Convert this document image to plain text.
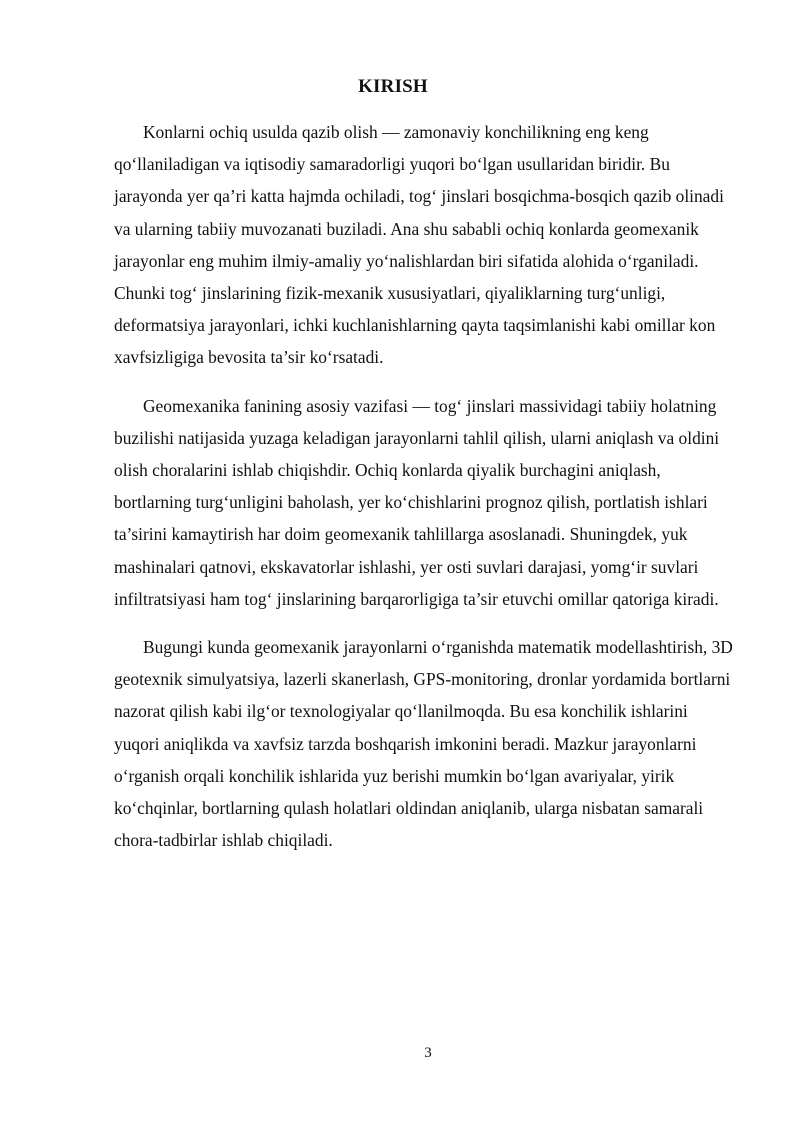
KIRISH

Konlarni ochiq usulda qazib olish — zamonaviy konchilikning eng keng qo‘llaniladigan va iqtisodiy samaradorligi yuqori bo‘lgan usullaridan biridir. Bu jarayonda yer qa’ri katta hajmda ochiladi, tog‘ jinslari bosqichma-bosqich qazib olinadi va ularning tabiiy muvozanati buziladi. Ana shu sababli ochiq konlarda geomexanik jarayonlar eng muhim ilmiy-amaliy yo‘nalishlardan biri sifatida alohida o‘rganiladi. Chunki tog‘ jinslarining fizik-mexanik xususiyatlari, qiyaliklarning turg‘unligi, deformatsiya jarayonlari, ichki kuchlanishlarning qayta taqsimlanishi kabi omillar kon xavfsizligiga bevosita ta’sir ko‘rsatadi.

Geomexanika fanining asosiy vazifasi — tog‘ jinslari massividagi tabiiy holatning buzilishi natijasida yuzaga keladigan jarayonlarni tahlil qilish, ularni aniqlash va oldini olish choralarini ishlab chiqishdir. Ochiq konlarda qiyalik burchagini aniqlash, bortlarning turg‘unligini baholash, yer ko‘chishlarini prognoz qilish, portlatish ishlari ta’sirini kamaytirish har doim geomexanik tahlillarga asoslanadi. Shuningdek, yuk mashinalari qatnovi, ekskavatorlar ishlashi, yer osti suvlari darajasi, yomg‘ir suvlari infiltratsiyasi ham tog‘ jinslarining barqarorligiga ta’sir etuvchi omillar qatoriga kiradi.

Bugungi kunda geomexanik jarayonlarni o‘rganishda matematik modellashtirish, 3D geotexnik simulyatsiya, lazerli skanerlash, GPS-monitoring, dronlar yordamida bortlarni nazorat qilish kabi ilg‘or texnologiyalar qo‘llanilmoqda. Bu esa konchilik ishlarini yuqori aniqlikda va xavfsiz tarzda boshqarish imkonini beradi. Mazkur jarayonlarni o‘rganish orqali konchilik ishlarida yuz berishi mumkin bo‘lgan avariyalar, yirik ko‘chqinlar, bortlarning qulash holatlari oldindan aniqlanib, ularga nisbatan samarali chora-tadbirlar ishlab chiqiladi.

3
